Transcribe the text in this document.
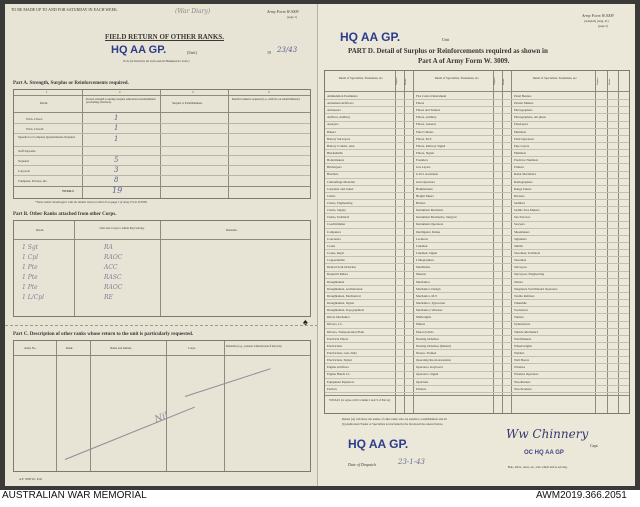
TO BE MADE UP TO AND FOR SATURDAY IN EACH WEEK.	(War Diary)	Army Form W.3009
(page 1)
FIELD RETURN OF OTHER RANKS.
HQ AA GP.	(Unit)	19 23/43
To be furnished by all units and all Headquarter units.)
Part A. Strength, Surplus or Reinforcements required.
1	2	3	4
Detail.
Posted strength counting surplus authorised establishment (excluding attached).	Surplus to Establishment.
Reinforcements required (i.e., deficits on establishment).
W.Os. Class I.	1
W.Os. Class II.	1
Squadron or Company Quartermaster-Serjeants	1
Staff Serjeants
Serjeants	5
Corporals	3
Trumpeter, Privates, &c.	8
TOTALS	19
*These totals should agree with the details shown in Part D on page 2 of Army Form W.3009.
Part B. Other Ranks attached from other Corps.
Detail.	Unit and Corps to which they belong.	Remarks.
1 Sgt	RA
1 Cpl	RAOC
1 Pte	ACC
1 Pte	RASC
1 Pte	RAOC
1 L/Cpl	RE
♠
Part C. Description of other ranks whose return to the unit is particularly requested.
Army No.	Rank.	Name and Initials.	Corps.	Remarks (e.g., present whereabouts if known).
Nil
A.F. 3009 Wt. 6/42
Army Form W.3009
(Adapted) (Aug. 41)
(page 2)
HQ AA GP.	Unit
PART D. Detail of Surplus or Reinforcements required as shown in
Part A of Army Form W. 3009.
Detail of Specialists, Tradesmen, etc.	Detail of Specialists, Tradesmen, etc.	Detail of Specialists, Tradesmen, etc.
Surplus	Reinfs.	Surplus	Reinfs.	Surplus	Reinfs.
Ammunition Examiners	Fire Control Instrument	Panel Beaters
Armament Artificers	Fitters	Pattern Makers
Armourers	Fitters and Turners	Photographers
Artificer, Artillery	Fitters, Artillery	Photographers, Air photo
Assayers	Fitters, General	Platelayers
Bakers	Fitter's Mates	Plumbers
Battery Surveyors	Fitters, M.T.	Plant Operators
Battery Comdrs. Asst.	Fitters, Railway Signal	Pipe Layers
Blacksmiths	Fitters, Signal	Plumbers
Boilermakers	Founders	Predictor Numbers
Bricklayers	Gas Layers	Printers
Butchers	G.P.O. Assistants	Radar Mechanics
Camouflage Modeller	Gun Operators	Radiographers
Carpenter and Joiner	Hammermen	Range Takers
Clerks	Height Takers	Riveters
Clerks, Engineering	Hutters	Saddlers
Clerks, Supply	Instrument Mechanic	Saddle Tree Makers
Clerks, Technical	Instrument Mechanics, Surgical	Saw Doctors
Coachtrimmer	Instrument Operators	Sawyers
Computers	Intelligence Duties	Shoemakers
Concreters	Lecturers	Signallers
Cooks	Linemen	Smiths
Cooks, Regtl.	Linemen, Signal	Storemen, Technical
Coppersmiths	Lithographers	Storemen
Dental Clerk Orderlies	Machinists	Surveyors
Despatch Riders	Masons	Surveyors, Engineering
Draughtsmen	Mechanics	Tailors
Draughtsmen, Architectural	Mechanics, Design	Telephone Switchboard Operators
Draughtsmen, Mechanical	Mechanics, M.T.	Textile Refitters
Draughtsmen, Signal	Mechanics, Typewriter	Tinsmiths
Draughtsmen, Topographical	Mechanics, Wireless	Toolsetters
Driver Mechanics	Millwrights	Turners
Drivers, I.C.	Miners	Upholsterers
Drivers, Transportation Plant	Motorcyclists	Vehicle Mechanics
Electrical Fitters	Nursing Orderlies	Watchmakers
Electricians	Nursing Orderlies (Mental)	Wheelwrights
Electricians, Gen. Duty	Nurses, Trained	Welders
Electricians, Signal	Operating Room Assistants	Well Borers
Engine Artificers	Operators, Keyboard	Wireless
Engine Hands I.C.	Operators, Signal	Wireless Operators
Equipment Repairers	Opticians	Woodturners
Farriers	Painters	Woodworkers
TOTALS (to agree with Column 2 and 3 of Part A)
Return (A) will show the names of other ranks who are surplus to establishment and all
(b) Authorised Trades or Specialists not included in the list should be entered below.
Ww Chinnery
Capt.
OC HQ AA GP
Bde., Divn., Area, etc., into which unit is serving.
HQ AA GP.
Date of Despatch	23-1-43
AUSTRALIAN WAR MEMORIAL	AWM2019.366.2051
